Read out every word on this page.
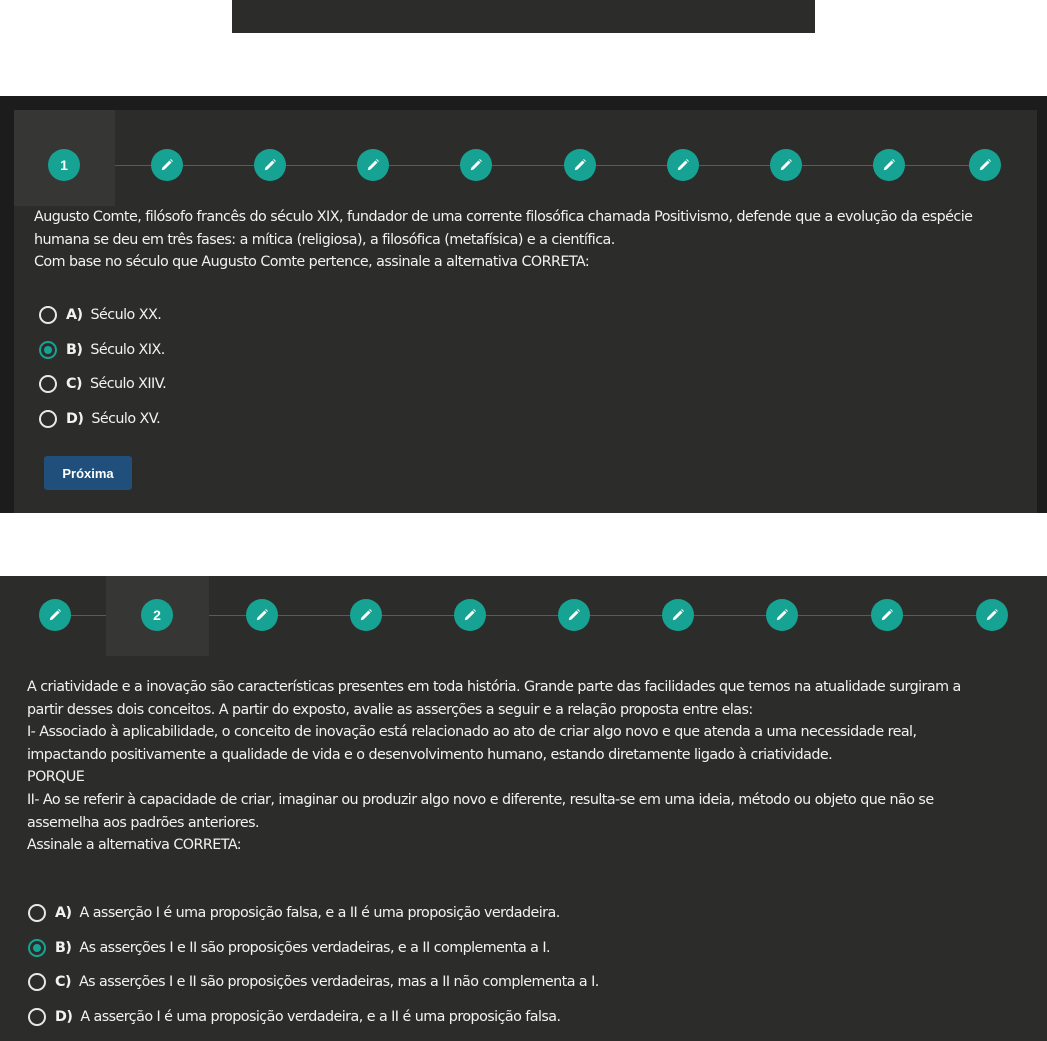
1
Augusto Comte, filósofo francês do século XIX, fundador de uma corrente filosófica chamada Positivismo, defende que a evolução da espécie
humana se deu em três fases: a mítica (religiosa), a filosófica (metafísica) e a científica.
Com base no século que Augusto Comte pertence, assinale a alternativa CORRETA:
A) Século XX.
B) Século XIX.
C) Século XIIV.
D) Século XV.
Próxima
2
A criatividade e a inovação são características presentes em toda história. Grande parte das facilidades que temos na atualidade surgiram a
partir desses dois conceitos. A partir do exposto, avalie as asserções a seguir e a relação proposta entre elas:
I- Associado à aplicabilidade, o conceito de inovação está relacionado ao ato de criar algo novo e que atenda a uma necessidade real,
impactando positivamente a qualidade de vida e o desenvolvimento humano, estando diretamente ligado à criatividade.
PORQUE
II- Ao se referir à capacidade de criar, imaginar ou produzir algo novo e diferente, resulta-se em uma ideia, método ou objeto que não se
assemelha aos padrões anteriores.
Assinale a alternativa CORRETA:
A) A asserção I é uma proposição falsa, e a II é uma proposição verdadeira.
B) As asserções I e II são proposições verdadeiras, e a II complementa a I.
C) As asserções I e II são proposições verdadeiras, mas a II não complementa a I.
D) A asserção I é uma proposição verdadeira, e a II é uma proposição falsa.
